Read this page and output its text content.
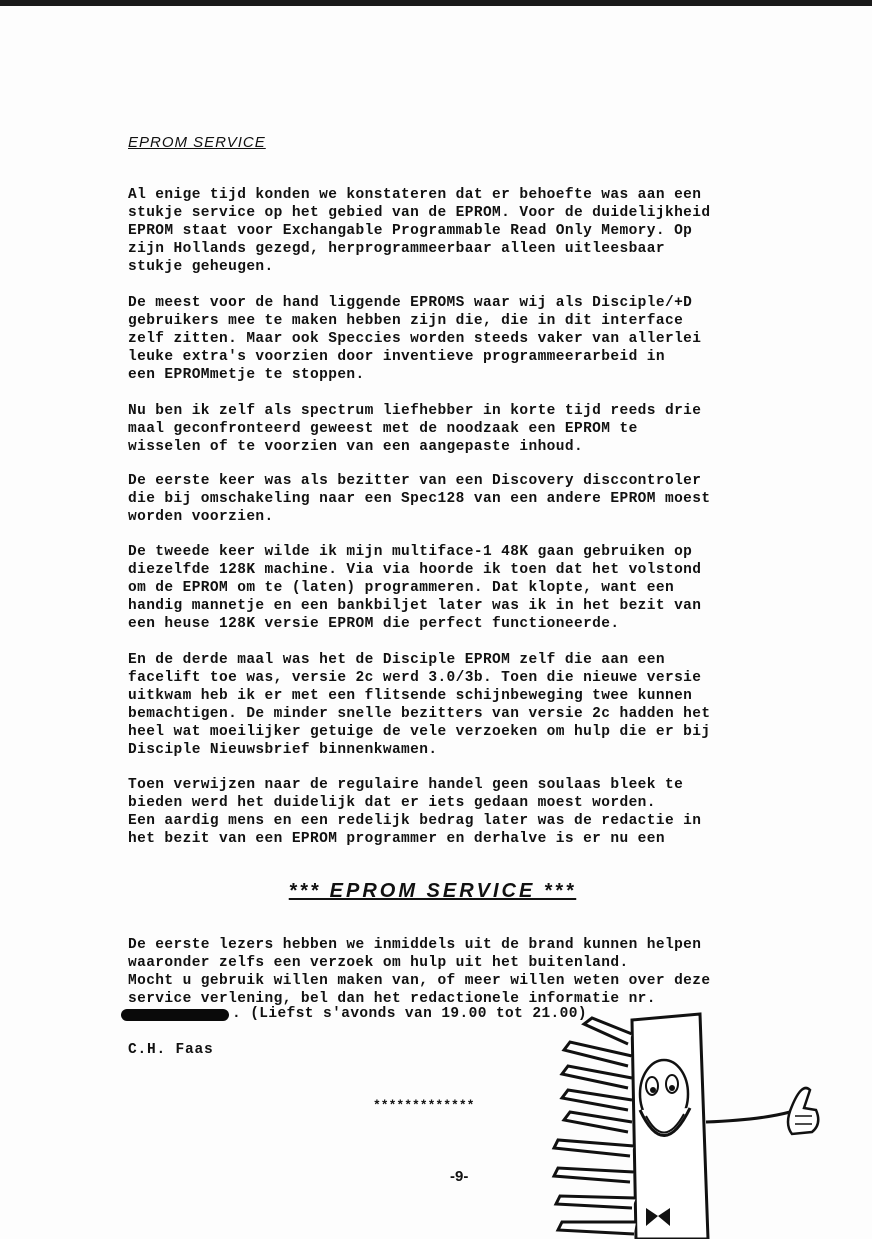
EPROM SERVICE
Al enige tijd konden we konstateren dat er behoefte was aan een
stukje service op het gebied van de EPROM. Voor de duidelijkheid
EPROM staat voor Exchangable Programmable Read Only Memory. Op
zijn Hollands gezegd, herprogrammeerbaar alleen uitleesbaar
stukje geheugen.
De meest voor de hand liggende EPROMS waar wij als Disciple/+D
gebruikers mee te maken hebben zijn die, die in dit interface
zelf zitten. Maar ook Speccies worden steeds vaker van allerlei
leuke extra's voorzien door inventieve programmeerarbeid in
een EPROMmetje te stoppen.
Nu ben ik zelf als spectrum liefhebber in korte tijd reeds drie
maal geconfronteerd geweest met de noodzaak een EPROM te
wisselen of te voorzien van een aangepaste inhoud.
De eerste keer was als bezitter van een Discovery disccontroler
die bij omschakeling naar een Spec128 van een andere EPROM moest
worden voorzien.
De tweede keer wilde ik mijn multiface-1 48K gaan gebruiken op
diezelfde 128K machine. Via via hoorde ik toen dat het volstond
om de EPROM om te (laten) programmeren. Dat klopte, want een
handig mannetje en een bankbiljet later was ik in het bezit van
een heuse 128K versie EPROM die perfect functioneerde.
En de derde maal was het de Disciple EPROM zelf die aan een
facelift toe was, versie 2c werd 3.0/3b. Toen die nieuwe versie
uitkwam heb ik er met een flitsende schijnbeweging twee kunnen
bemachtigen. De minder snelle bezitters van versie 2c hadden het
heel wat moeilijker getuige de vele verzoeken om hulp die er bij
Disciple Nieuwsbrief binnenkwamen.
Toen verwijzen naar de regulaire handel geen soulaas bleek te
bieden werd het duidelijk dat er iets gedaan moest worden.
Een aardig mens en een redelijk bedrag later was de redactie in
het bezit van een EPROM programmer en derhalve is er nu een
*** EPROM SERVICE ***
De eerste lezers hebben we inmiddels uit de brand kunnen helpen
waaronder zelfs een verzoek om hulp uit het buitenland.
Mocht u gebruik willen maken van, of meer willen weten over deze
service verlening, bel dan het redactionele informatie nr.
. (Liefst s'avonds van 19.00 tot 21.00)
C.H. Faas
*************
-9-
